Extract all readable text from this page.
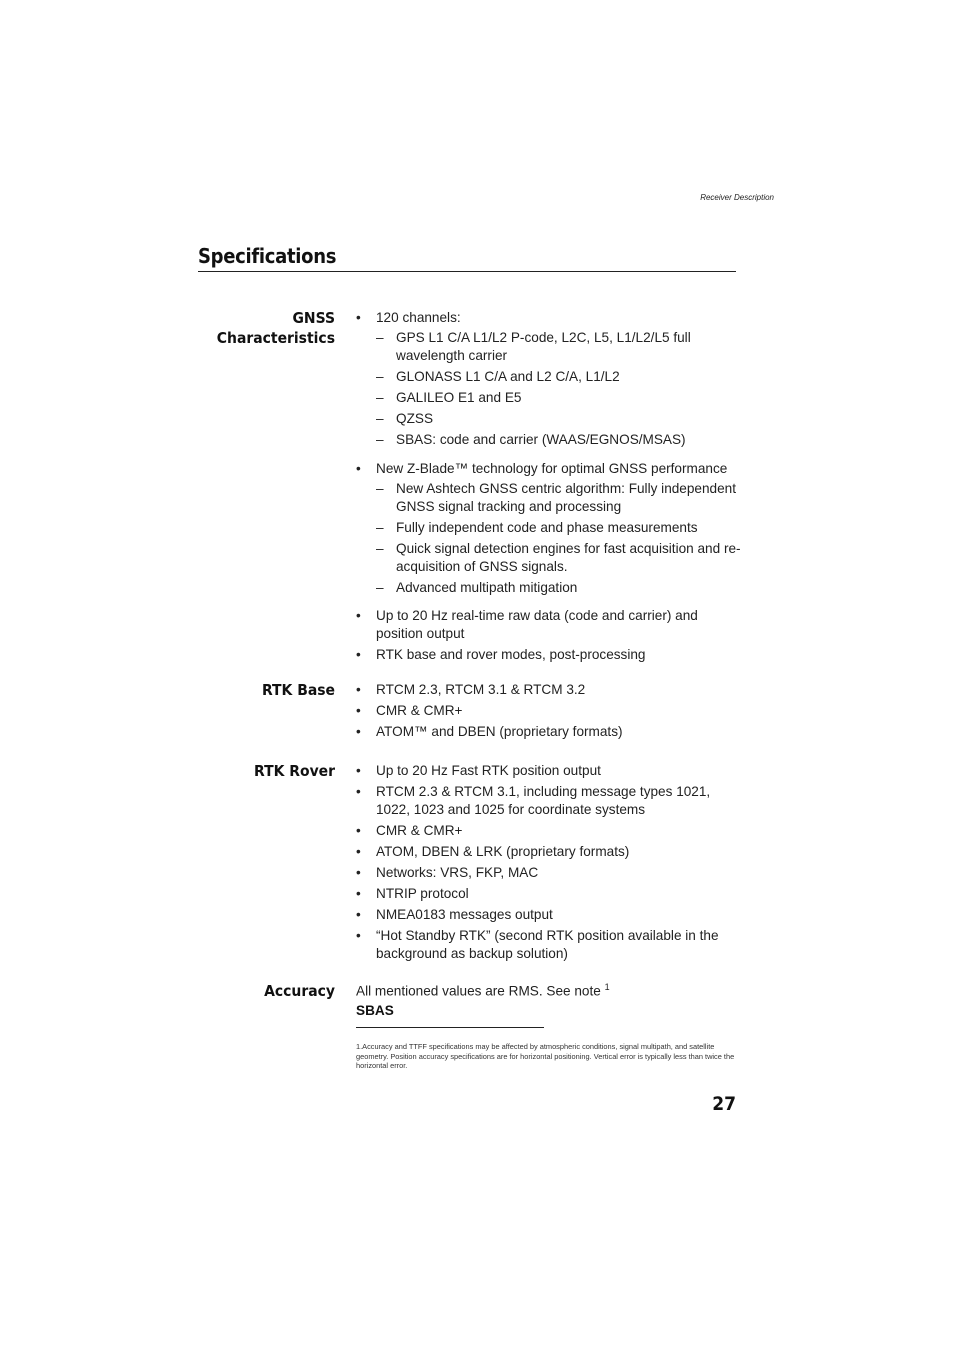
Receiver Description
Specifications
GNSS Characteristics
•	120 channels:
– GPS L1 C/A L1/L2 P-code, L2C, L5, L1/L2/L5 full wavelength carrier
– GLONASS L1 C/A and L2 C/A, L1/L2
– GALILEO E1 and E5
– QZSS
– SBAS: code and carrier (WAAS/EGNOS/MSAS)
•	New Z-Blade™ technology for optimal GNSS performance
– New Ashtech GNSS centric algorithm: Fully independent GNSS signal tracking and processing
– Fully independent code and phase measurements
– Quick signal detection engines for fast acquisition and re-acquisition of GNSS signals.
– Advanced multipath mitigation
•	Up to 20 Hz real-time raw data (code and carrier) and position output
•	RTK base and rover modes, post-processing
RTK Base •	RTCM 2.3, RTCM 3.1 & RTCM 3.2
•	CMR & CMR+
•	ATOM™ and DBEN (proprietary formats)
RTK Rover •	Up to 20 Hz Fast RTK position output
•	RTCM 2.3 & RTCM 3.1, including message types 1021, 1022, 1023 and 1025 for coordinate systems
•	CMR & CMR+
•	ATOM, DBEN & LRK (proprietary formats)
•	Networks: VRS, FKP, MAC
•	NTRIP protocol
•	NMEA0183 messages output
•	“Hot Standby RTK” (second RTK position available in the background as backup solution)
Accuracy All mentioned values are RMS. See note $^1$
SBAS
1.Accuracy and TTFF specifications may be affected by atmospheric conditions, signal multipath, and satellite geometry. Position accuracy specifications are for horizontal positioning. Vertical error is typically less than twice the horizontal error.
27
